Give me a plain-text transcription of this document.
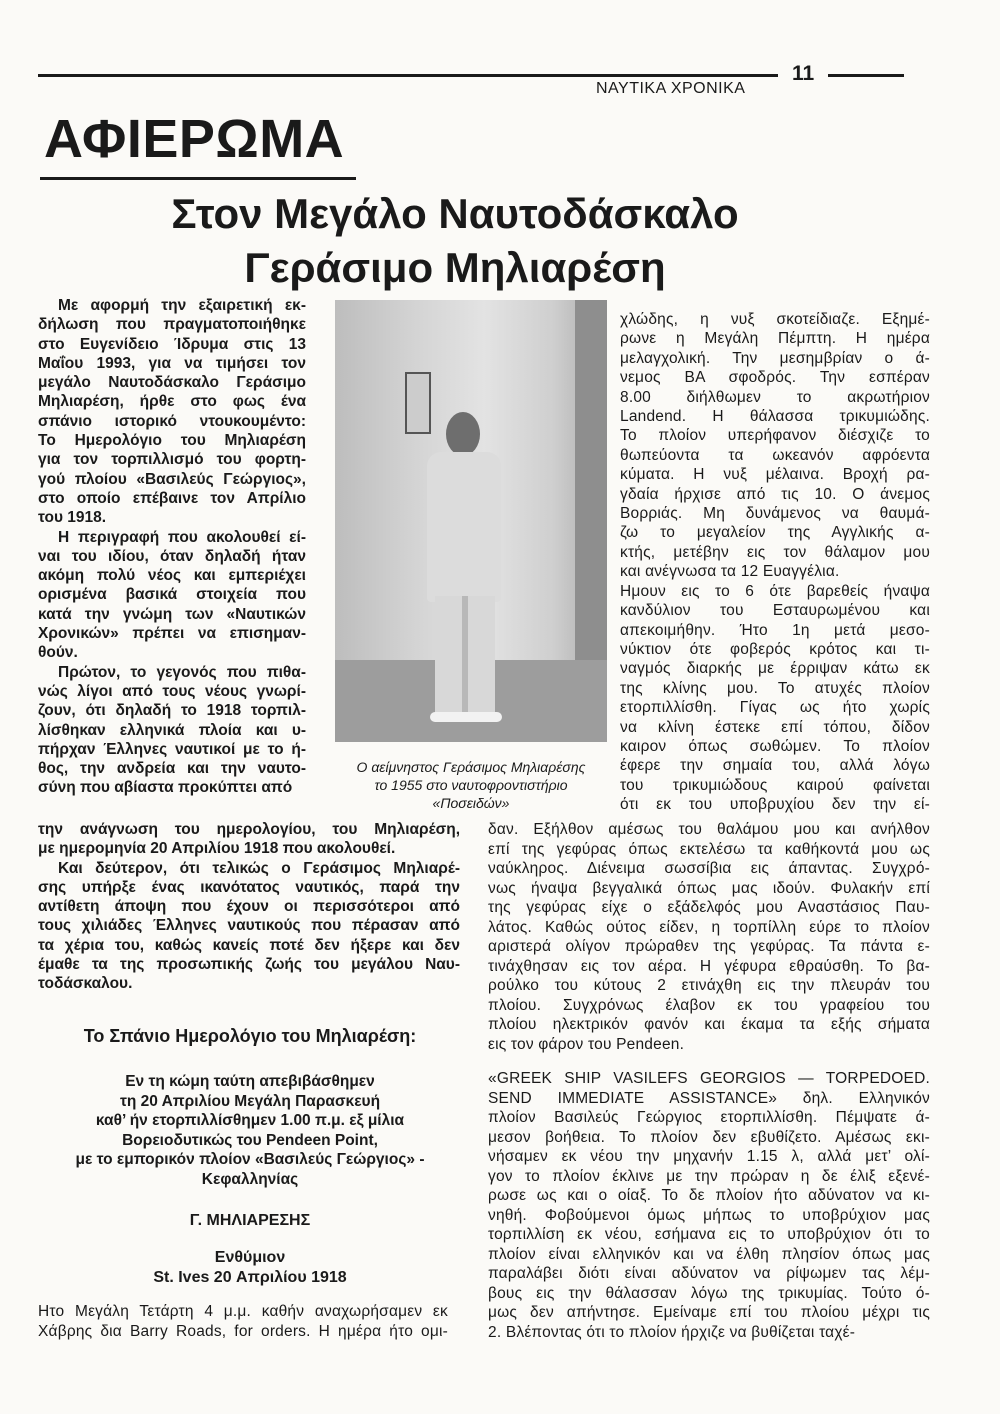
ΝΑΥΤΙΚΑ ΧΡΟΝΙΚΑ
11
ΑΦΙΕΡΩΜΑ
Στον Μεγάλο Ναυτοδάσκαλο
Γεράσιμο Μηλιαρέση
Με αφορμή την εξαιρετική εκ-
δήλωση που πραγματοποιήθηκε
στο Ευγενίδειο Ίδρυμα στις 13
Μαΐου 1993, για να τιμήσει τον
μεγάλο Ναυτοδάσκαλο Γεράσιμο
Μηλιαρέση, ήρθε στο φως ένα
σπάνιο ιστορικό ντουκουμέντο:
Το Ημερολόγιο του Μηλιαρέση
για τον τορπιλλισμό του φορτη-
γού πλοίου «Βασιλεύς Γεώργιος»,
στο οποίο επέβαινε τον Απρίλιο
του 1918.
Η περιγραφή που ακολουθεί εί-
ναι του ιδίου, όταν δηλαδή ήταν
ακόμη πολύ νέος και εμπεριέχει
ορισμένα βασικά στοιχεία που
κατά την γνώμη των «Ναυτικών
Χρονικών» πρέπει να επισημαν-
θούν.
Πρώτον, το γεγονός που πιθα-
νώς λίγοι από τους νέους γνωρί-
ζουν, ότι δηλαδή το 1918 τορπιλ-
λίσθηκαν ελληνικά πλοία και υ-
πήρχαν Έλληνες ναυτικοί με το ή-
θος, την ανδρεία και την ναυτο-
σύνη που αβίαστα προκύπτει από
την ανάγνωση του ημερολογίου, του Μηλιαρέση,
με ημερομηνία 20 Απριλίου 1918 που ακολουθεί.
Και δεύτερον, ότι τελικώς ο Γεράσιμος Μηλιαρέ-
σης υπήρξε ένας ικανότατος ναυτικός, παρά την
αντίθετη άποψη που έχουν οι περισσότεροι από
τους χιλιάδες Έλληνες ναυτικούς που πέρασαν από
τα χέρια του, καθώς κανείς ποτέ δεν ήξερε και δεν
έμαθε τα της προσωπικής ζωής του μεγάλου Ναυ-
τοδάσκαλου.
Ο αείμνηστος Γεράσιμος Μηλιαρέσης
το 1955 στο ναυτοφροντιστήριο
«Ποσειδών»
Το Σπάνιο Ημερολόγιο του Μηλιαρέση:
Εν τη κώμη ταύτη απεβιβάσθημεν
τη 20 Απριλίου Μεγάλη Παρασκευή
καθ’ ήν ετορπιλλίσθημεν 1.00 π.μ. εξ μίλια
Βορειοδυτικώς του Pendeen Point,
με το εμπορικόν πλοίον «Βασιλεύς Γεώργιος» -
Κεφαλληνίας
Γ. ΜΗΛΙΑΡΕΣΗΣ
Ενθύμιον
St. Ives 20 Απριλίου 1918
Ητο Μεγάλη Τετάρτη 4 μ.μ. καθήν αναχωρήσαμεν εκ
Χάβρης δια Barry Roads, for orders. Η ημέρα ήτο ομι-
χλώδης, η νυξ σκοτείδιαζε. Εξημέ-
ρωνε η Μεγάλη Πέμπτη. Η ημέρα
μελαγχολική. Την μεσημβρίαν ο ά-
νεμος ΒΑ σφοδρός. Την εσπέραν
8.00 διήλθωμεν το ακρωτήριον
Landend. Η θάλασσα τρικυμιώδης.
Το πλοίον υπερήφανον διέσχιζε το
θωπεύοντα τα ωκεανόν αφρόεντα
κύματα. Η νυξ μέλαινα. Βροχή ρα-
γδαία ήρχισε από τις 10. Ο άνεμος
Βορριάς. Μη δυνάμενος να θαυμά-
ζω το μεγαλείον της Αγγλικής α-
κτής, μετέβην εις τον θάλαμον μου
και ανέγνωσα τα 12 Ευαγγέλια.
Ημουν εις το 6 ότε βαρεθείς ήναψα
κανδύλιον του Εσταυρωμένου και
απεκοιμήθην. Ήτο 1η μετά μεσο-
νύκτιον ότε φοβερός κρότος και τι-
ναγμός διαρκής με έρριψαν κάτω εκ
της κλίνης μου. Το ατυχές πλοίον
ετορπιλλίσθη. Γίγας ως ήτο χωρίς
να κλίνη έστεκε επί τόπου, δίδον
καιρον όπως σωθώμεν. Το πλοίον
έφερε την σημαία του, αλλά λόγω
του τρικυμιώδους καιρού φαίνεται
ότι εκ του υποβρυχίου δεν την εί-
δαν. Εξήλθον αμέσως του θαλάμου μου και ανήλθον
επί της γεφύρας όπως εκτελέσω τα καθήκοντά μου ως
ναύκληρος. Διένειμα σωσσίβια εις άπαντας. Συγχρό-
νως ήναψα βεγγαλικά όπως μας ιδούν. Φυλακήν επί
της γεφύρας είχε ο εξάδελφός μου Αναστάσιος Παυ-
λάτος. Καθώς ούτος είδεν, η τορπίλλη εύρε το πλοίον
αριστερά ολίγον πρώραθεν της γεφύρας. Τα πάντα ε-
τινάχθησαν εις τον αέρα. Η γέφυρα εθραύσθη. Το βα-
ρούλκο του κύτους 2 ετινάχθη εις την πλευράν του
πλοίου. Συγχρόνως έλαβον εκ του γραφείου του
πλοίου ηλεκτρικόν φανόν και έκαμα τα εξής σήματα
εις τον φάρον του Pendeen.
«GREEK SHIP VASILEFS GEORGIOS — TORPEDOED.
SEND IMMEDIATE ASSISTANCE» δηλ. Ελληνικόν
πλοίον Βασιλεύς Γεώργιος ετορπιλλίσθη. Πέμψατε ά-
μεσον βοήθεια. Το πλοίον δεν εβυθίζετο. Αμέσως εκι-
νήσαμεν εκ νέου την μηχανήν 1.15 λ, αλλά μετ’ ολί-
γον το πλοίον έκλινε με την πρώραν η δε έλιξ εξενέ-
ρωσε ως και ο οίαξ. Το δε πλοίον ήτο αδύνατον να κι-
νηθή. Φοβούμενοι όμως μήπως το υποβρύχιον μας
τορπιλλίση εκ νέου, εσήμανα εις το υποβρύχιον ότι το
πλοίον είναι ελληνικόν και να έλθη πλησίον όπως μας
παραλάβει διότι είναι αδύνατον να ρίψωμεν τας λέμ-
βους εις την θάλασσαν λόγω της τρικυμίας. Τούτο ό-
μως δεν απήντησε. Εμείναμε επί του πλοίου μέχρι τις
2. Βλέποντας ότι το πλοίον ήρχιζε να βυθίζεται ταχέ-
